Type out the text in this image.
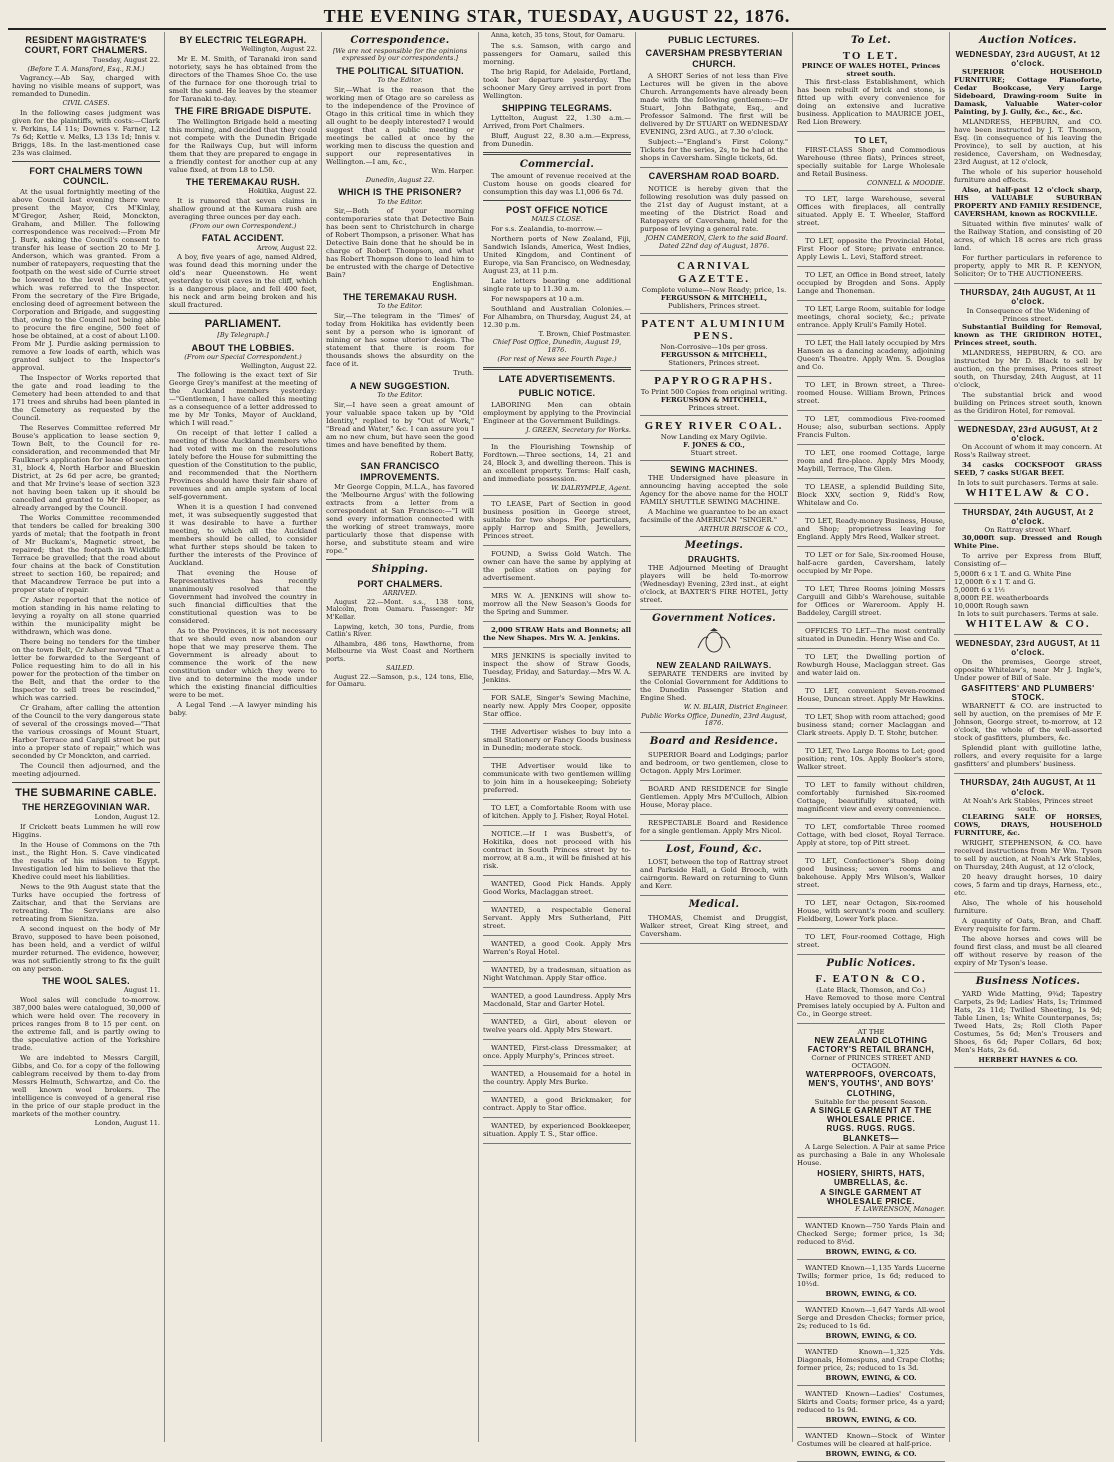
THE EVENING STAR, TUESDAY, AUGUST 22, 1876.
RESIDENT MAGISTRATE'S COURT, FORT CHALMERS.
Tuesday, August 22.
(Before T. A. Mansford, Esq., R.M.)

Vagrancy.—Ab Say, charged with having no visible means of support, was remanded to Dunedin.

CIVIL CASES.

In the following cases judgment was given for the plaintiffs, with costs:—Clark v. Perkins, L4 11s; Downes v. Farner, L2 7s 6d; Kettle v. Melks, L3 13s 1d; Innis v. Briggs, 18s. In the last-mentioned case 23s was claimed.

FORT CHALMERS TOWN COUNCIL.

At the usual fortnightly meeting of the above Council last evening there were present the Mayor, Crs M'Kinlay, M'Gregor, Asher, Reid, Monckton, Graham, and Miller. The following correspondence was received:—From Mr J. Burk, asking the Council's consent to transfer his lease of section 20 to Mr J. Anderson, which was granted. From a number of ratepayers, requesting that the footpath on the west side of Currie street be lowered to the level of the street, which was referred to the Inspector. From the secretary of the Fire Brigade, enclosing deed of agreement between the Corporation and Brigade, and suggesting that, owing to the Council not being able to procure the fire engine, 500 feet of hose be obtained, at a cost of about L100. From Mr J. Purdie asking permission to remove a few loads of earth, which was granted subject to the Inspector's approval.

The Inspector of Works reported that the gate and road leading to the Cemetery had been attended to and that 171 trees and shrubs had been planted in the Cemetery as requested by the Council.

The Reserves Committee referred Mr Bouse's application to lease section 9, Town Belt, to the Council for re-consideration, and recommended that Mr Faulkner's application for lease of section 31, block 4, North Harbor and Blueskin District, at 2s 6d per acre, be granted; and that Mr Irvine's lease of section 323 not having been taken up it should be cancelled and granted to Mr Hooper, as already arranged by the Council.

The Works Committee recommended that tenders be called for breaking 300 yards of metal; that the footpath in front of Mr Buckam's, Magnetic street, be repaired; that the footpath in Wickliffe Terrace be gravelled; that the road about four chains at the back of Constitution street to section 160, be repaired; and that Macandrew Terrace be put into a proper state of repair.

Cr Asher reported that the notice of motion standing in his name relating to levying a royalty on all stone quarried within the municipality might be withdrawn, which was done.

There being no tenders for the timber on the town Belt, Cr Asher moved "That a letter be forwarded to the Sergeant of Police requesting him to do all in his power for the protection of the timber on the Belt, and that the order to the Inspector to sell trees be rescinded," which was carried.

Cr Graham, after calling the attention of the Council to the very dangerous state of several of the crossings moved—"That the various crossings of Mount Stuart, Harbor Terrace and Cargill street be put into a proper state of repair," which was seconded by Cr Monckton, and carried.

The Council then adjourned, and the meeting adjourned.

THE SUBMARINE CABLE.
THE HERZEGOVINIAN WAR.
London, August 12.

If Crickett beats Lummen he will row Higgins.

In the House of Commons on the 7th inst., the Right Hon. S. Cave vindicated the results of his mission to Egypt. Investigation led him to believe that the Khedive could meet his liabilities.

News to the 9th August state that the Turks have occupied the fortress of Zaitschar, and that the Servians are retreating. The Servians are also retreating from Sienitza.

A second inquest on the body of Mr Bravo, supposed to have been poisoned, has been held, and a verdict of wilful murder returned. The evidence, however, was not sufficiently strong to fix the guilt on any person.

THE WOOL SALES.
August 11.

Wool sales will conclude to-morrow. 387,000 bales were catalogued, 30,000 of which were held over. The recovery in prices ranges from 8 to 15 per cent. on the extreme fall, and is partly owing to the speculative action of the Yorkshire trade.

We are indebted to Messrs Cargill, Gibbs, and Co. for a copy of the following cablegram received by them to-day from Messrs Helmuth, Schwartze, and Co. the well known wool brokers. The intelligence is conveyed of a general rise in the price of our staple product in the markets of the mother country.

London, August 11.
BY ELECTRIC TELEGRAPH.
Wellington, August 22.

Mr E. M. Smith, of Taranaki iron sand notoriety, says he has obtained from the directors of the Thames Shoe Co. the use of the furnace for one thorough trial to smelt the sand. He leaves by the steamer for Taranaki to-day.

THE FIRE BRIGADE DISPUTE.

The Wellington Brigade held a meeting this morning, and decided that they could not compete with the Dunedin Brigade for the Railways Cup, but will inform them that they are prepared to engage in a friendly contest for another cup at any value fixed, at from L8 to L50.

THE TEREMAKAU RUSH.
Hokitika, August 22.

It is rumored that seven claims in shallow ground at the Kumara rush are averaging three ounces per day each.

(From our own Correspondent.)
FATAL ACCIDENT.
Arrow, August 22.

A boy, five years of age, named Aldred, was found dead this morning under the old's near Queenstown. He went yesterday to visit caves in the cliff, which is a dangerous place, and fell 400 feet, his neck and arm being broken and his skull fractured.

PARLIAMENT.
[By Telegraph.]
ABOUT THE LOBBIES.
(From our Special Correspondent.)
Wellington, August 22.

The following is the exact text of Sir George Grey's manifest at the meeting of the Auckland members yesterday:—"Gentlemen, I have called this meeting as a consequence of a letter addressed to me by Mr Tonks, Mayor of Auckland, which I will read."

On receipt of that letter I called a meeting of those Auckland members who had voted with me on the resolutions lately before the House for submitting the question of the Constitution to the public, and recommended that the Northern Provinces should have their fair share of revenues and an ample system of local self-government.

When it is a question I had convened met, it was subsequently suggested that it was desirable to have a further meeting, to which all the Auckland members should be called, to consider what further steps should be taken to further the interests of the Province of Auckland.

That evening the House of Representatives has recently unanimously resolved that the Government had involved the country in such financial difficulties that the constitutional question was to be considered.

As to the Provinces, it is not necessary that we should even now abandon our hope that we may preserve them. The Government is already about to commence the work of the new constitution under which they were to live and to determine the mode under which the existing financial difficulties were to be met.

A Legal Tend .—A lawyer minding his baby.

Correspondence.
[We are not responsible for the opinions expressed by our correspondents.]
THE POLITICAL SITUATION.
To the Editor.

Sir,—What is the reason that the working men of Otago are so careless as to the independence of the Province of Otago in this critical time in which they all ought to be deeply interested? I would suggest that a public meeting or meetings be called at once by the working men to discuss the question and support our representatives in Wellington.—I am, &c.,

Wm. Harper.
Dunedin, August 22.
WHICH IS THE PRISONER?
To the Editor.

Sir,—Both of your morning contemporaries state that Detective Bain has been sent to Christchurch in charge of Robert Thompson, a prisoner. What has Detective Bain done that he should be in charge of Robert Thompson, and what has Robert Thompson done to lead him to be entrusted with the charge of Detective Bain?

Englishman.
THE TEREMAKAU RUSH.
To the Editor.

Sir,—The telegram in the 'Times' of today from Hokitika has evidently been sent by a person who is ignorant of mining or has some ulterior design. The statement that there is room for thousands shows the absurdity on the face of it.

Truth.
A NEW SUGGESTION.
To the Editor.

Sir,—I have seen a great amount of your valuable space taken up by "Old Identity," replied to by "Out of Work," "Bread and Water," &c. I can assure you I am no new chum, but have seen the good times and have benefited by them.

Robert Batty,
SAN FRANCISCO IMPROVEMENTS.

Mr George Coppin, M.L.A., has favored the 'Melbourne Argus' with the following extracts from a letter from a correspondent at San Francisco:—"I will send every information connected with the working of street tramways, more particularly those that dispense with horse, and substitute steam and wire rope."

Shipping.
PORT CHALMERS.
ARRIVED.

August 22.—Mont. s.s., 138 tons, Malcolm, from Oamaru. Passenger: Mr M'Kellar.

Lapwing, ketch, 30 tons, Purdie, from Catlin's River.

Alhambra, 486 tons, Hawthorne, from Melbourne via West Coast and Northern ports.

SAILED.

August 22.—Samson, p.s., 124 tons, Elie, for Oamaru.

Anna, ketch, 35 tons, Stout, for Oamaru.

The s.s. Samson, with cargo and passengers for Oamaru, sailed this morning.

The brig Rapid, for Adelaide, Portland, took her departure yesterday. The schooner Mary Grey arrived in port from Wellington.

SHIPPING TELEGRAMS.

Lyttelton, August 22, 1.30 a.m.—Arrived, from Port Chalmers.

Bluff, August 22, 8.30 a.m.—Express, from Dunedin.

Commercial.

The amount of revenue received at the Custom house on goods cleared for consumption this day was L1,006 6s 7d.

POST OFFICE NOTICE
MAILS CLOSE.

For s.s. Zealandia, to-morrow.—

Northern ports of New Zealand, Fiji, Sandwich Islands, America, West Indies, United Kingdom, and Continent of Europe, via San Francisco, on Wednesday, August 23, at 11 p.m.

Late letters bearing one additional single rate up to 11.30 a.m.

For newspapers at 10 a.m.

Southland and Australian Colonies.—For Alhambra, on Thursday, August 24, at 12.30 p.m.

T. Brown, Chief Postmaster.
Chief Post Office, Dunedin, August 19, 1876.
(For rest of News see Fourth Page.)
LATE ADVERTISEMENTS.
PUBLIC NOTICE.

LABORING Men can obtain employment by applying to the Provincial Engineer at the Government Buildings.

J. GREEN, Secretary for Works.

In the Flourishing Township of Fordtown.—Three sections, 14, 21 and 24, Block 3, and dwelling thereon. This is an excellent property. Terms: Half cash, and immediate possession.

W. DALRYMPLE, Agent.

TO LEASE, Part of Section in good business position in George street, suitable for two shops. For particulars, apply Harrop and Smith, Jewellers, Princes street.

FOUND, a Swiss Gold Watch. The owner can have the same by applying at the police station on paying for advertisement.

MRS W. A. JENKINS will show to-morrow all the New Season's Goods for the Spring and Summer.

2,000 STRAW Hats and Bonnets; all the New Shapes. Mrs W. A. Jenkins.

MRS JENKINS is specially invited to inspect the show of Straw Goods, Tuesday, Friday, and Saturday.—Mrs W. A. Jenkins.

FOR SALE, Singer's Sewing Machine, nearly new. Apply Mrs Cooper, opposite Star office.

THE Advertiser wishes to buy into a small Stationery or Fancy Goods business in Dunedin; moderate stock.

THE Advertiser would like to communicate with two gentlemen willing to join him in a housekeeping; Sobriety preferred.

TO LET, a Comfortable Room with use of kitchen. Apply to J. Fisher, Royal Hotel.

NOTICE.—If I was Busbett's, of Hokitika, does not proceed with his contract in South Princes street by to-morrow, at 8 a.m., it will be finished at his risk.

WANTED, Good Pick Hands. Apply Good Works, Maclaggan street.

WANTED, a respectable General Servant. Apply Mrs Sutherland, Pitt street.

WANTED, a good Cook. Apply Mrs Warren's Royal Hotel.

WANTED, by a tradesman, situation as Night Watchman. Apply Star office.

WANTED, a good Laundress. Apply Mrs Macdonald, Star and Garter Hotel.

WANTED, a Girl, about eleven or twelve years old. Apply Mrs Stewart.

WANTED, First-class Dressmaker, at once. Apply Murphy's, Princes street.

WANTED, a Housemaid for a hotel in the country. Apply Mrs Burke.

WANTED, a good Brickmaker, for contract. Apply to Star office.

WANTED, by experienced Bookkeeper, situation. Apply T. S., Star office.

PUBLIC LECTURES.
CAVERSHAM PRESBYTERIAN CHURCH.

A SHORT Series of not less than Five Lectures will be given in the above Church. Arrangements have already been made with the following gentlemen:—Dr Stuart, John Bathgate, Esq., and Professor Salmond. The first will be delivered by Dr STUART on WEDNESDAY EVENING, 23rd AUG., at 7.30 o'clock.

Subject:—"England's First Colony." Tickets for the series, 2s, to be had at the shops in Caversham. Single tickets, 6d.

CAVERSHAM ROAD BOARD.

NOTICE is hereby given that the following resolution was duly passed on the 21st day of August instant, at a meeting of the District Road and Ratepayers of Caversham, held for the purpose of levying a general rate.

JOHN CAMERON, Clerk to the said Board.
Dated 22nd day of August, 1876.
CARNIVAL GAZETTE.
Complete volume—Now Ready; price, 1s.
FERGUSSON & MITCHELL,
Publishers, Princes street.
PATENT ALUMINIUM PENS.
Non-Corrosive—10s per gross.
FERGUSSON & MITCHELL,
Stationers, Princes street.
PAPYROGRAPHS.
To Print 500 Copies from original writing.
FERGUSSON & MITCHELL,
Princes street.
GREY RIVER COAL.
Now Landing ex Mary Ogilvie.
F. JONES & CO.,
Stuart street.
SEWING MACHINES.

THE Undersigned have pleasure in announcing having accepted the sole Agency for the above name for the HOLT FAMILY SHUTTLE SEWING MACHINE.

A Machine we guarantee to be an exact facsimile of the AMERICAN "SINGER."

ARTHUR BRISCOE & CO.,
Meetings.
DRAUGHTS.

THE Adjourned Meeting of Draught players will be held To-morrow (Wednesday) Evening, 23rd inst., at eight o'clock, at BAXTER'S FIRE HOTEL, Jetty street.

Government Notices.
NEW ZEALAND RAILWAYS.

SEPARATE TENDERS are invited by the Colonial Government for Additions to the Dunedin Passenger Station and Engine Shed.

W. N. BLAIR, District Engineer.
Public Works Office, Dunedin, 23rd August, 1876.
Board and Residence.

SUPERIOR Board and Lodgings; parlor and bedroom, or two gentlemen, close to Octagon. Apply Mrs Lorimer.

BOARD AND RESIDENCE for Single Gentlemen. Apply Mrs M'Culloch, Albion House, Moray place.

RESPECTABLE Board and Residence for a single gentleman. Apply Mrs Nicol.

Lost, Found, &c.

LOST, between the top of Rattray street and Parkside Hall, a Gold Brooch, with cairngorm. Reward on returning to Gunn and Kerr.

Medical.

THOMAS, Chemist and Druggist, Walker street, Great King street, and Caversham.

To Let.
TO LET.
PRINCE OF WALES HOTEL, Princes street south.

This first-class Establishment, which has been rebuilt of brick and stone, is fitted up with every convenience for doing an extensive and lucrative business. Application to MAURICE JOEL, Red Lion Brewery.

TO LET,

FIRST-CLASS Shop and Commodious Warehouse (three flats), Princes street, specially suitable for Large Wholesale and Retail Business.

CONNELL & MOODIE.

TO LET, large Warehouse, several Offices with fireplaces, all centrally situated. Apply E. T. Wheeler, Stafford street.

TO LET, opposite the Provincial Hotel, First Floor of Store; private entrance. Apply Lewis L. Levi, Stafford street.

TO LET, an Office in Bond street, lately occupied by Brogden and Sons. Apply Lange and Thoneman.

TO LET, Large Room, suitable for lodge meetings, choral society, &c.; private entrance. Apply Kruli's Family Hotel.

TO LET, the Hall lately occupied by Mrs Hansen as a dancing academy, adjoining Queen's Theatre. Apply Wm. S. Douglas and Co.

TO LET, in Brown street, a Three-roomed House. William Brown, Princes street.

TO LET, commodious Five-roomed House; also, suburban sections. Apply Francis Fulton.

TO LET, one roomed Cottage, large room and fire-place. Apply Mrs Moody, Maybill, Terrace, The Glen.

TO LEASE, a splendid Building Site, Block XXV, section 9, Ridd's Row, Whitelaw and Co.

TO LET, Ready-money Business, House, and Shop; proprietress leaving for England. Apply Mrs Reed, Walker street.

TO LET or for Sale, Six-roomed House, half-acre garden, Caversham, lately occupied by Mr Pope.

TO LET, Three Rooms joining Messrs Carguill and Gibb's Warehouse, suitable for Offices or Wareroom. Apply H. Baddeley, Cargill street.

OFFICES TO LET—The most centrally situated in Dunedin. Henry Wise and Co.

TO LET, the Dwelling portion of Rowburgh House, Maclaggan street. Gas and water laid on.

TO LET, convenient Seven-roomed House, Duncan street. Apply Mr Hawkins.

TO LET, Shop with room attached; good business stand; corner Maclaggan and Clark streets. Apply D. T. Stohr, butcher.

TO LET, Two Large Rooms to Let; good position; rent, 10s. Apply Booker's store, Walker street.

TO LET to family without children, comfortably furnished Six-roomed Cottage, beautifully situated, with magnificent view and every convenience.

TO LET, comfortable Three roomed Cottage, with bed closet, Royal Terrace. Apply at store, top of Pitt street.

TO LET, Confectioner's Shop doing good business; seven rooms and bakehouse. Apply Mrs Wilson's, Walker street.

TO LET, near Octagon, Six-roomed House, with servant's room and scullery. Fieldberg, Lower York place.

TO LET, Four-roomed Cottage, High street.

Public Notices.
F. EATON & CO.
(Late Black, Thomson, and Co.)

Have Removed to those more Central Premises lately occupied by A. Fulton and Co., in George street.

AT THE
NEW ZEALAND CLOTHING FACTORY'S RETAIL BRANCH,
Corner of PRINCES STREET AND OCTAGON.
WATERPROOFS, OVERCOATS, MEN'S, YOUTHS', AND BOYS' CLOTHING,
Suitable for the present Season.
A SINGLE GARMENT AT THE WHOLESALE PRICE.
RUGS. RUGS. RUGS.
BLANKETS—

A Large Selection. A Pair at same Price as purchasing a Bale in any Wholesale House.

HOSIERY, SHIRTS, HATS, UMBRELLAS, &c.
A SINGLE GARMENT AT WHOLESALE PRICE.
F. LAWRENSON, Manager.

WANTED Known—750 Yards Plain and Checked Serge; former price, 1s 3d; reduced to 8½d.

BROWN, EWING, & CO.

WANTED Known—1,135 Yards Lucerne Twills; former price, 1s 6d; reduced to 10½d.

BROWN, EWING, & CO.

WANTED Known—1,647 Yards All-wool Serge and Dresden Checks; former price, 2s; reduced to 1s 6d.

BROWN, EWING, & CO.

WANTED Known—1,325 Yds. Diagonals, Homespuns, and Crape Cloths; former price, 2s; reduced to 1s 3d.

BROWN, EWING, & CO.

WANTED Known—Ladies' Costumes, Skirts and Coats; former price, 4s a yard; reduced to 1s 9d.

BROWN, EWING, & CO.

WANTED Known—Stock of Winter Costumes will be cleared at half-price.

BROWN, EWING, & CO.
Auction Notices.
WEDNESDAY, 23rd AUGUST, At 12 o'clock.

SUPERIOR HOUSEHOLD FURNITURE; Cottage Pianoforte, Cedar Bookcase, Very Large Sideboard, Drawing-room Suite in Damask, Valuable Water-color Painting, by J. Gully, &c., &c., &c.

MLANDRESS, HEPBURN, and CO. have been instructed by J. T. Thomson, Esq. (in consequence of his leaving the Province), to sell by auction, at his residence, Caversham, on Wednesday, 23rd August, at 12 o'clock,

The whole of his superior household furniture and effects.

Also, at half-past 12 o'clock sharp, HIS VALUABLE SUBURBAN PROPERTY AND FAMILY RESIDENCE, CAVERSHAM, known as ROCKVILLE.

Situated within five minutes' walk of the Railway Station, and consisting of 20 acres, of which 18 acres are rich grass land.

For further particulars in reference to property, apply to MR R. P. KENYON, Solicitor; Or to THE AUCTIONEERS.

THURSDAY, 24th AUGUST, At 11 o'clock.
In Consequence of the Widening of Princes street.

Substantial Building for Removal, known as THE GRIDIRON HOTEL, Princes street, south.

MLANDRESS, HEPBURN, & CO. are instructed by Mr D. Black to sell by auction, on the premises, Princes street south, on Thursday, 24th August, at 11 o'clock,

The substantial brick and wood building on Princes street south, known as the Gridiron Hotel, for removal.

WEDNESDAY, 23rd AUGUST, At 2 o'clock.

On Account of whom it may concern. At Ross's Railway street.

34 casks COCKSFOOT GRASS SEED, 7 casks SUGAR BEET.

In lots to suit purchasers. Terms at sale.
WHITELAW & CO.
THURSDAY, 24th AUGUST, At 2 o'clock.
On Rattray street Wharf.

30,000ft sup. Dressed and Rough White Pine.

To arrive per Express from Bluff, Consisting of—

5,000ft 6 x 1 T. and G. White Pine
12,000ft 6 x 1 T. and G.
5,000ft 6 x 1½
8,000ft P.E. weatherboards
10,000ft Rough sawn
In lots to suit purchasers. Terms at sale.
WHITELAW & CO.
WEDNESDAY, 23rd AUGUST, At 11 o'clock.

On the premises, George street, opposite Whitelaw's, near Mr J. Ingle's, Under power of Bill of Sale.

GASFITTERS' AND PLUMBERS' STOCK.

WBARNETT & CO. are instructed to sell by auction, on the premises of Mr F. Johnson, George street, to-morrow, at 12 o'clock, the whole of the well-assorted stock of gasfitters, plumbers, &c.

Splendid plant with guillotine lathe, rollers, and every requisite for a large gasfitters' and plumbers' business.

THURSDAY, 24th AUGUST, At 11 o'clock.
At Noah's Ark Stables, Princes street south.

CLEARING SALE OF HORSES, COWS, DRAYS, HOUSEHOLD FURNITURE, &c.

WRIGHT, STEPHENSON, & CO. have received instructions from Mr Wm. Tyson to sell by auction, at Noah's Ark Stables, on Thursday, 24th August, at 12 o'clock,

20 heavy draught horses, 10 dairy cows, 5 farm and tip drays, Harness, etc., etc.

Also, The whole of his household furniture.

A quantity of Oats, Bran, and Chaff. Every requisite for farm.

The above horses and cows will be found first class, and must be all cleared off without reserve by reason of the expiry of Mr Tyson's lease.

Business Notices.

YARD Wide Matting, 9¾d; Tapestry Carpets, 2s 9d; Ladies' Hats, 1s; Trimmed Hats, 2s 11d; Twilled Sheeting, 1s 9d; Table Linen, 1s; White Counterpanes, 5s; Tweed Hats, 2s; Roll Cloth Paper Costumes, 5s 6d; Men's Trousers and Shoes, 6s 6d; Paper Collars, 6d box; Men's Hats, 2s 6d.

HERBERT HAYNES & CO.
